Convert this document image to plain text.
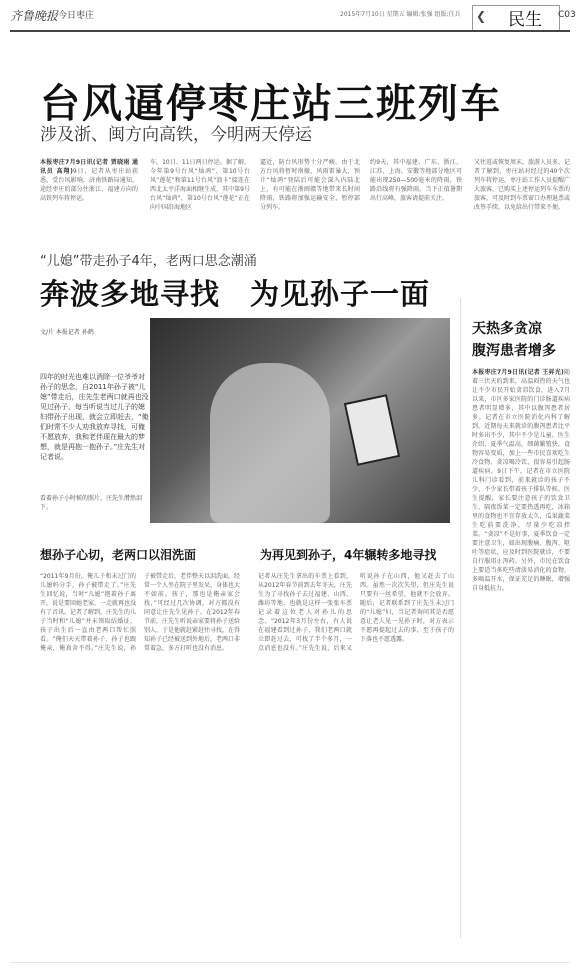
齐鲁晚报 今日枣庄	2015年7月10日 星期五 编辑:张强 组版:任兵 ❮ 民生 C03
台风逼停枣庄站三班列车
涉及浙、闽方向高铁，今明两天停运
本报枣庄7月9日讯(记者 贾晓雨 通讯员 高翔)9日，记者从枣庄站获悉，受台风影响，济南铁路局通知，途经枣庄的部分往浙江、福建方向的高铁列车将停运。
车，10日、11日两日停运。据了解，今年第9号台风“灿鸿”、第10号台风“莲花”和第11号台风“浪卡”接连在西北太平洋海面相继生成，其中第9号台风“灿鸿”，第10号台风“莲花”正在向中国沿海地区
逼近，防台风形势十分严峻。由于北方台风将暂时南撤，风雨雷暴大，预计“灿鸿”登陆后可能会深入内陆北上，有可能在浙闽赣等地带来长时间降雨，铁路将加强运输安全，暂停部分列车。
约9天，其中福建、广东、浙江、江苏、上海、安徽等地部分地区可能出现250—500毫米的降雨，铁路沿线将有强降雨。当下正值暑期出行高峰，旅客请提前关注。
又往返或恢复周末，旅游人员多，记者了解到，枣庄站对经过的40个次列车将停运，枣庄站工作人员提醒广大旅客，已购买上述停运列车车票的旅客，可及时到车票窗口办理退票或改签手续，以免给出行带来不便。
“儿媳”带走孙子4年，老两口思念潮涌
奔波多地寻找　为见孙子一面
文/片 本报记者 孙鹤
四年的时光也难以消除一位爷爷对孙子的思念，自2011年孙子被“儿媳”带走后，庄先生老两口就再也没见过孙子，每当听说当过儿子的媳妇带孙子出现，就会立即赶去，“俺们时常不少人劝我放弃寻找，可俺不愿放弃，我和老伴现在最大的梦想，就是再抱一抱孙子。”庄先生对记者说。
看着孙子小时候的照片，庄先生潸然泪下。
想孙子心切，老两口以泪洗面
“2011年9月份，俺儿子和未过门的儿媳妈分手，孙子被带走了。”庄先生回忆说，当时“儿媳”抱着孙子离开，说是要回她老家，一走就再也没有了音讯。记者了解到，庄先生的儿子当时和“儿媳”并未领取结婚证，孩子出生后一直由老两口帮忙照看。“俺们天天带着孙子，孙子也跟俺亲，俺真舍不得。”庄先生说，孙子被带走后，老伴整天以泪洗面，经常一个人坐在院子里发呆，身体也大不如前。孩子，那也是俺亲家会找，”可经过几次协调，对方都没有同意让庄先生见孙子。在2012年春节前，庄先生听说亲家要将孙子送给别人，于是他就赶紧赶往寻找，在得知孙子已经被送到外地后，老两口非常着急，多方打听也没有消息。
为再见到孙子，4年辗转多地寻找
记者从庄先生拿出的车票上看到，从2012年春节前到去年冬天，庄先生为了寻找孙子去过福建、山西、潍坊等地，也就是这样一张张车票记录着这位老人对孙儿的思念。“2012年3月份左右，有人说在福建看到过孙子，我们老两口就立即赶过去，可找了半个多月，一点消息也没有。”庄先生说，后来又听说孙子在山西，他又赶去了山西。虽然一次次失望，但庄先生说只要有一丝希望，他就不会放弃。随后，记者联系到了庄先生未过门的“儿媳”妇，当记者询问其是否愿意让老人见一见孙子时，对方表示不愿再提起过去的事，至于孩子的下落也不愿透露。
天热多贪凉
腹泻患者增多
本报枣庄7月9日讯(记者 王昇光)随着三伏天的到来，高温闷热的天气也让不少市民开始贪凉饮食，进入7月以来，市区多家医院的门诊肠道疾病患者明显增多，其中以腹泻患者居多。记者在市立医院消化内科了解到，近期每天来就诊的腹泻患者比平时多出不少，其中不少是儿童。医生介绍，夏季气温高，细菌繁殖快，食物容易变质，加上一些市民喜欢吃生冷食物、贪凉喝冷饮，很容易引起肠道疾病。9日下午，记者在市立医院儿科门诊看到，前来就诊的孩子不少，不少家长带着孩子排队等候。医生提醒，家长要注意孩子的饮食卫生，隔夜饭菜一定要热透再吃，冰箱里的食物也不宜存放太久，瓜果蔬菜生吃前要洗净，尽量少吃凉拌菜。“贪凉”不是好事，夏季饮食一定要注意卫生，如出现腹痛、腹泻、呕吐等症状，应及时到医院就诊，不要自行服用止泻药。另外，市民在饮食上要适当多吃些清淡易消化的食物，多喝温开水，保证充足的睡眠，增强自身抵抗力。
